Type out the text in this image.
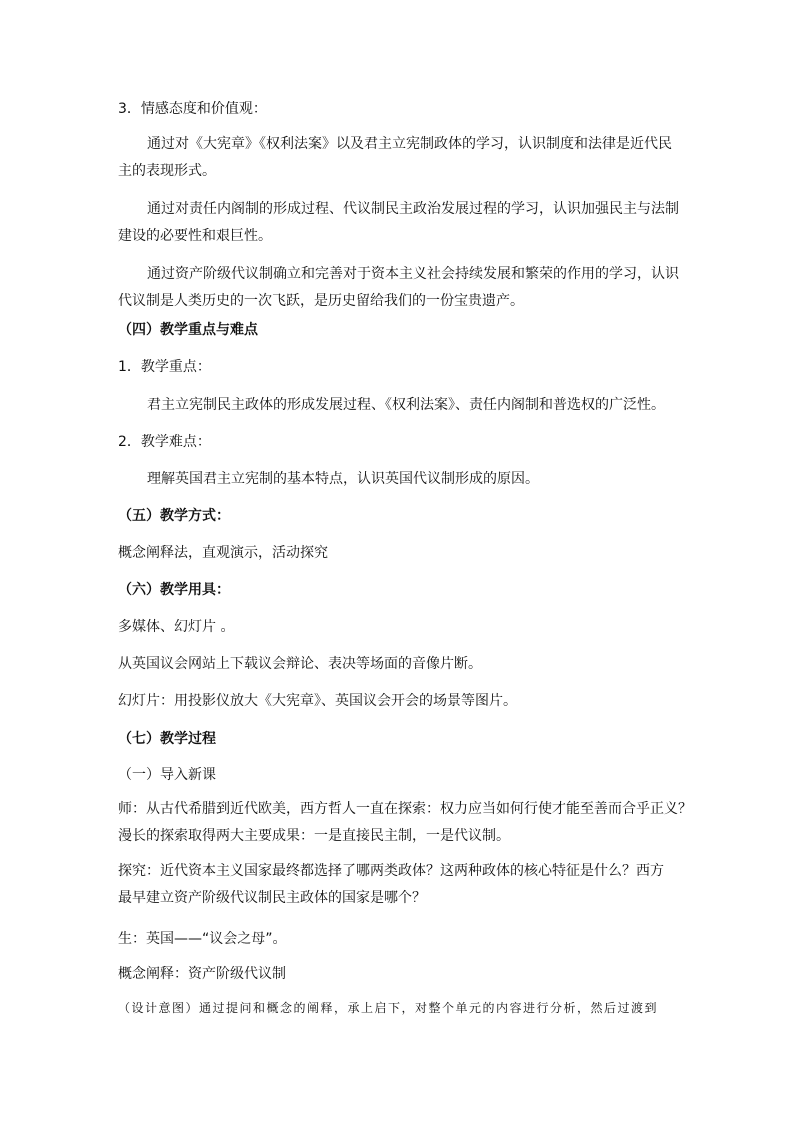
3．情感态度和价值观：
通过对《大宪章》《权利法案》以及君主立宪制政体的学习，认识制度和法律是近代民
主的表现形式。
通过对责任内阁制的形成过程、代议制民主政治发展过程的学习，认识加强民主与法制
建设的必要性和艰巨性。
通过资产阶级代议制确立和完善对于资本主义社会持续发展和繁荣的作用的学习，认识
代议制是人类历史的一次飞跃，是历史留给我们的一份宝贵遗产。
（四）教学重点与难点
1．教学重点：
君主立宪制民主政体的形成发展过程、《权利法案》、责任内阁制和普选权的广泛性。
2．教学难点：
理解英国君主立宪制的基本特点，认识英国代议制形成的原因。
（五）教学方式：
概念阐释法，直观演示，活动探究
（六）教学用具：
多媒体、幻灯片 。
从英国议会网站上下载议会辩论、表决等场面的音像片断。
幻灯片：用投影仪放大《大宪章》、英国议会开会的场景等图片。
（七）教学过程
（一）导入新课
师：从古代希腊到近代欧美，西方哲人一直在探索：权力应当如何行使才能至善而合乎正义？
漫长的探索取得两大主要成果：一是直接民主制，一是代议制。
探究：近代资本主义国家最终都选择了哪两类政体？这两种政体的核心特征是什么？西方
最早建立资产阶级代议制民主政体的国家是哪个？
生：英国——“议会之母”。
概念阐释：资产阶级代议制
（设计意图）通过提问和概念的阐释，承上启下，对整个单元的内容进行分析，然后过渡到
